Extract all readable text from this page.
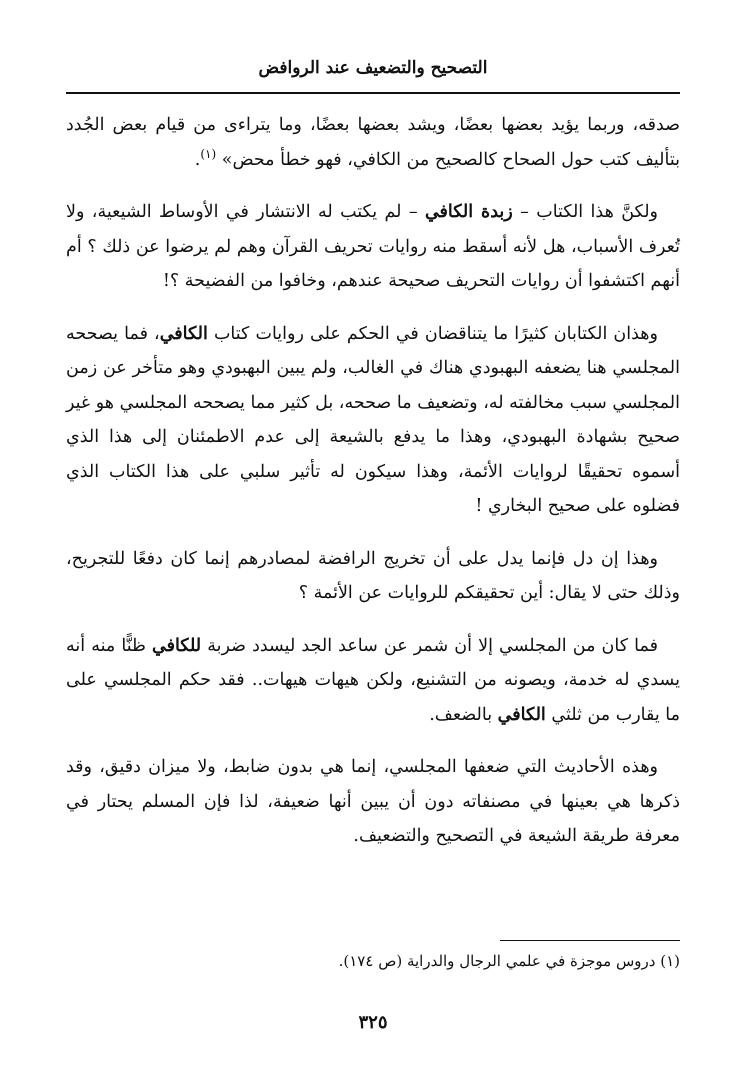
التصحيح والتضعيف عند الروافض

صدقه، وربما يؤيد بعضها بعضًا، ويشد بعضها بعضًا، وما يتراءى من قيام بعض الجُدد بتأليف كتب حول الصحاح كالصحيح من الكافي، فهو خطأ محض» $^{(١)}$.

ولكنَّ هذا الكتاب – زبدة الكافي – لم يكتب له الانتشار في الأوساط الشيعية، ولا تُعرف الأسباب، هل لأنه أسقط منه روايات تحريف القرآن وهم لم يرضوا عن ذلك ؟ أم أنهم اكتشفوا أن روايات التحريف صحيحة عندهم، وخافوا من الفضيحة ؟!

وهذان الكتابان كثيرًا ما يتناقضان في الحكم على روايات كتاب الكافي، فما يصححه المجلسي هنا يضعفه البهبودي هناك في الغالب، ولم يبين البهبودي وهو متأخر عن زمن المجلسي سبب مخالفته له، وتضعيف ما صححه، بل كثير مما يصححه المجلسي هو غير صحيح بشهادة البهبودي، وهذا ما يدفع بالشيعة إلى عدم الاطمئنان إلى هذا الذي أسموه تحقيقًا لروايات الأئمة، وهذا سيكون له تأثير سلبي على هذا الكتاب الذي فضلوه على صحيح البخاري !

وهذا إن دل فإنما يدل على أن تخريج الرافضة لمصادرهم إنما كان دفعًا للتجريح، وذلك حتى لا يقال: أين تحقيقكم للروايات عن الأئمة ؟

فما كان من المجلسي إلا أن شمر عن ساعد الجد ليسدد ضربة للكافي ظنًّا منه أنه يسدي له خدمة، ويصونه من التشنيع، ولكن هيهات هيهات.. فقد حكم المجلسي على ما يقارب من ثلثي الكافي بالضعف.

وهذه الأحاديث التي ضعفها المجلسي، إنما هي بدون ضابط، ولا ميزان دقيق، وقد ذكرها هي بعينها في مصنفاته دون أن يبين أنها ضعيفة، لذا فإن المسلم يحتار في معرفة طريقة الشيعة في التصحيح والتضعيف.

(١) دروس موجزة في علمي الرجال والدراية (ص ١٧٤).
٣٢٥
